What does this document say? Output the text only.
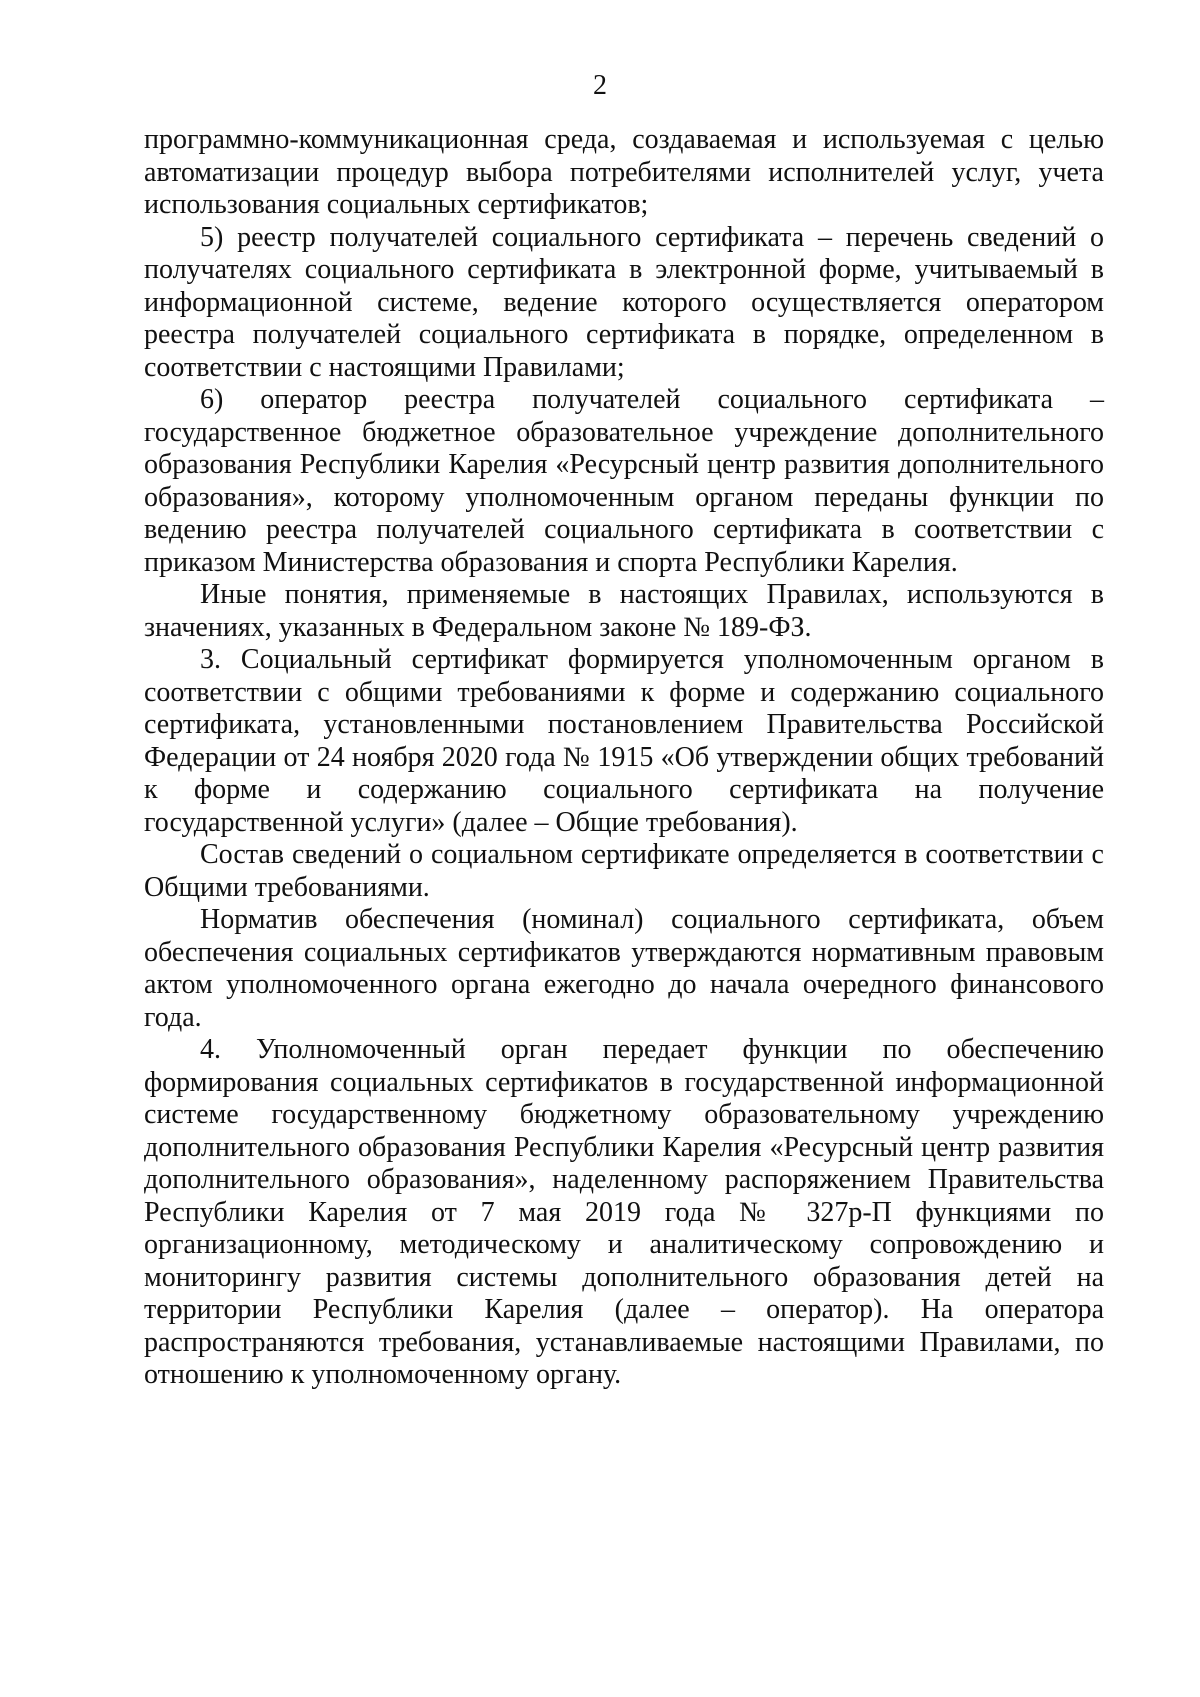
2

программно-коммуникационная среда, создаваемая и используемая с целью автоматизации процедур выбора потребителями исполнителей услуг, учета использования социальных сертификатов;

5) реестр получателей социального сертификата – перечень сведений о получателях социального сертификата в электронной форме, учитываемый в информационной системе, ведение которого осуществляется оператором реестра получателей социального сертификата в порядке, определенном в соответствии с настоящими Правилами;

6) оператор реестра получателей социального сертификата – государственное бюджетное образовательное учреждение дополнительного образования Республики Карелия «Ресурсный центр развития дополнительного образования», которому уполномоченным органом переданы функции по ведению реестра получателей социального сертификата в соответствии с приказом Министерства образования и спорта Республики Карелия.

Иные понятия, применяемые в настоящих Правилах, используются в значениях, указанных в Федеральном законе № 189-ФЗ.

3. Социальный сертификат формируется уполномоченным органом в соответствии с общими требованиями к форме и содержанию социального сертификата, установленными постановлением Правительства Российской Федерации от 24 ноября 2020 года № 1915 «Об утверждении общих требований к форме и содержанию социального сертификата на получение государственной услуги» (далее – Общие требования).

Состав сведений о социальном сертификате определяется в соответствии с Общими требованиями.

Норматив обеспечения (номинал) социального сертификата, объем обеспечения социальных сертификатов утверждаются нормативным правовым актом уполномоченного органа ежегодно до начала очередного финансового года.

4. Уполномоченный орган передает функции по обеспечению формирования социальных сертификатов в государственной информационной системе государственному бюджетному образовательному учреждению дополнительного образования Республики Карелия «Ресурсный центр развития дополнительного образования», наделенному распоряжением Правительства Республики Карелия от 7 мая 2019 года № 327р-П функциями по организационному, методическому и аналитическому сопровождению и мониторингу развития системы дополнительного образования детей на территории Республики Карелия (далее – оператор). На оператора распространяются требования, устанавливаемые настоящими Правилами, по отношению к уполномоченному органу.
